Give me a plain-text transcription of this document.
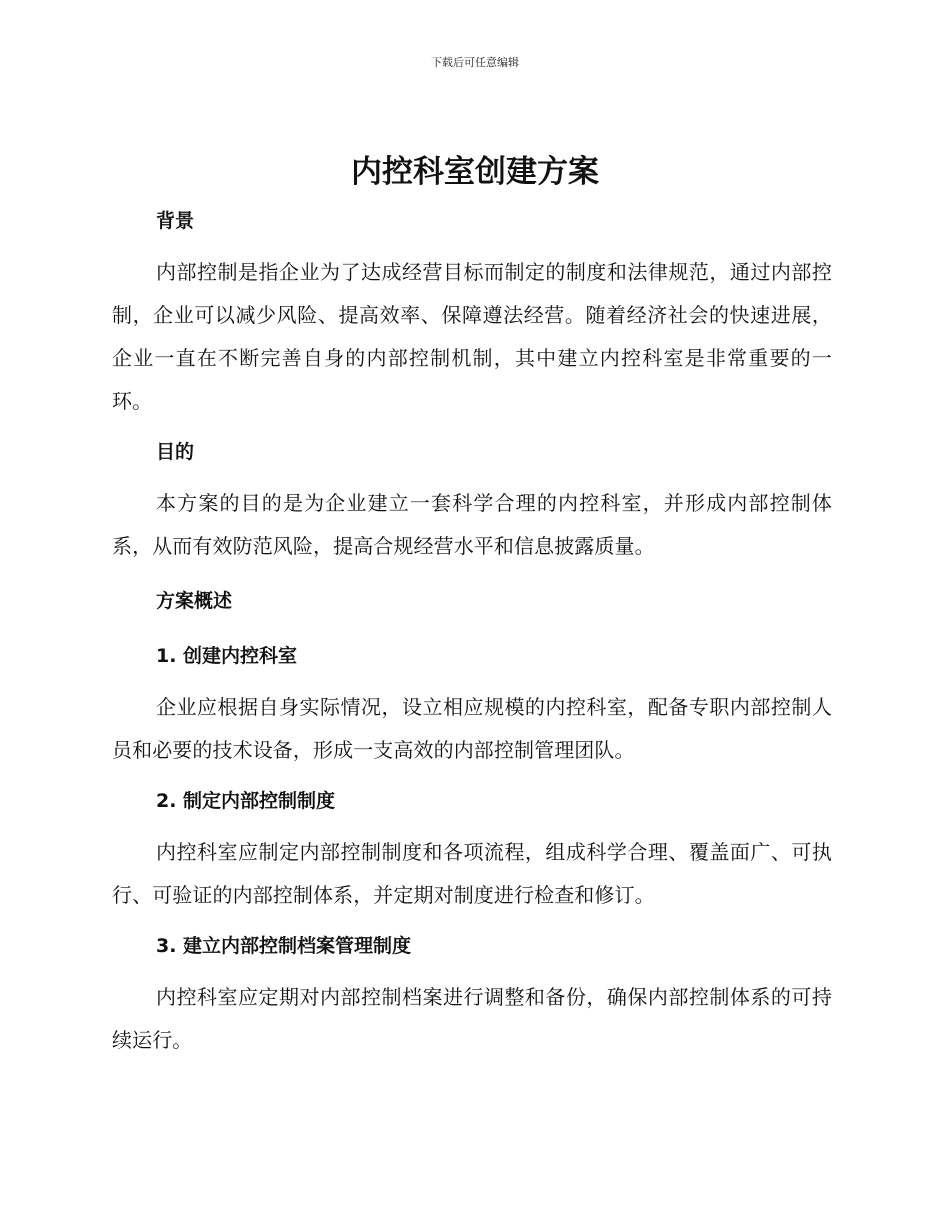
下载后可任意编辑
内控科室创建方案

背景

内部控制是指企业为了达成经营目标而制定的制度和法律规范，通过内部控制，企业可以减少风险、提高效率、保障遵法经营。随着经济社会的快速进展，企业一直在不断完善自身的内部控制机制，其中建立内控科室是非常重要的一环。

目的

本方案的目的是为企业建立一套科学合理的内控科室，并形成内部控制体系，从而有效防范风险，提高合规经营水平和信息披露质量。

方案概述

1. 创建内控科室

企业应根据自身实际情况，设立相应规模的内控科室，配备专职内部控制人员和必要的技术设备，形成一支高效的内部控制管理团队。

2. 制定内部控制制度

内控科室应制定内部控制制度和各项流程，组成科学合理、覆盖面广、可执行、可验证的内部控制体系，并定期对制度进行检查和修订。

3. 建立内部控制档案管理制度

内控科室应定期对内部控制档案进行调整和备份，确保内部控制体系的可持续运行。
